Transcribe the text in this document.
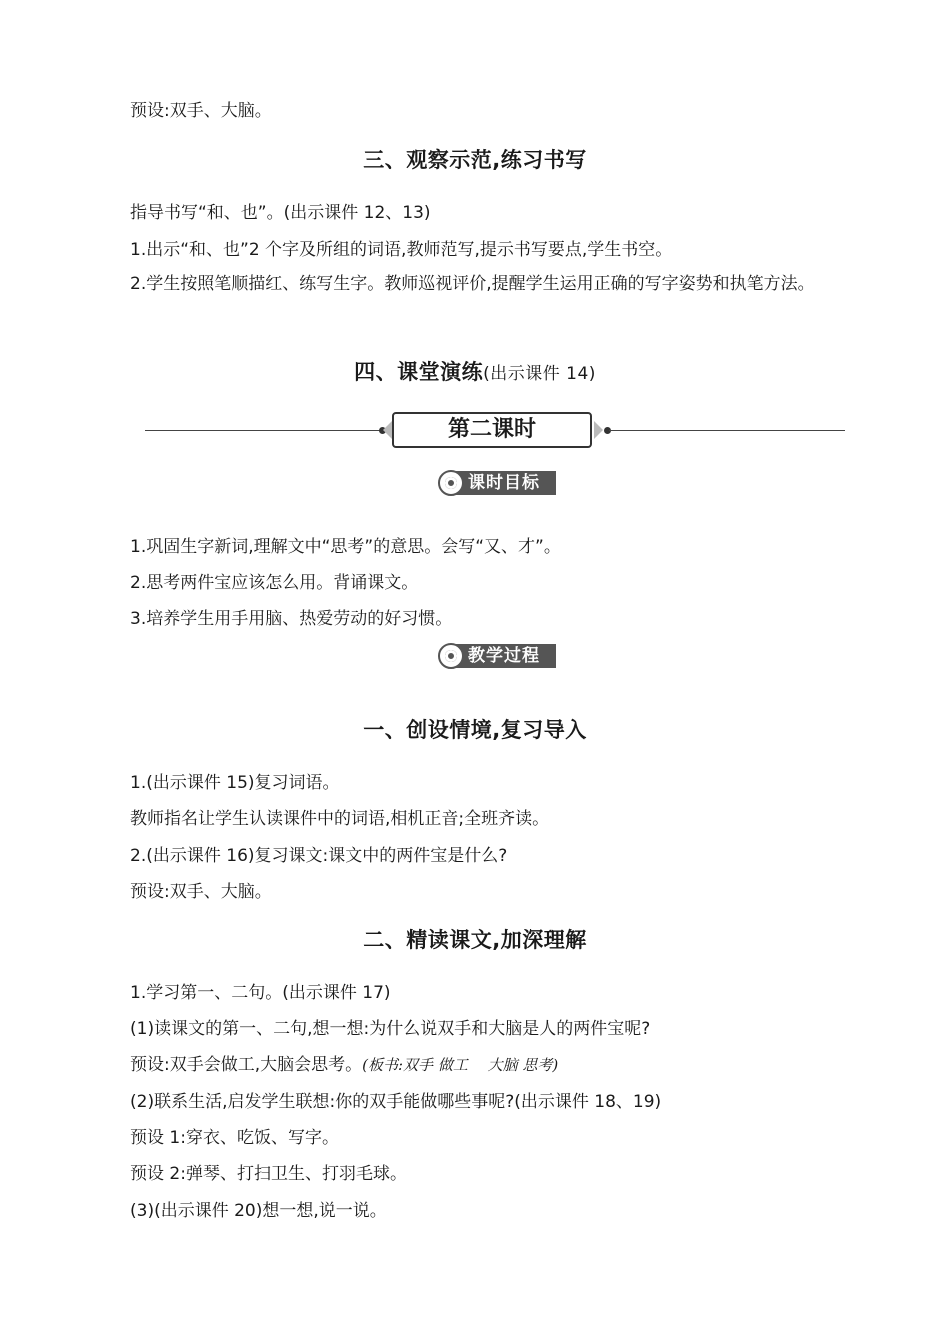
预设:双手、大脑。
三、观察示范,练习书写
指导书写“和、也”。(出示课件 12、13)
1.出示“和、也”2 个字及所组的词语,教师范写,提示书写要点,学生书空。
2.学生按照笔顺描红、练写生字。教师巡视评价,提醒学生运用正确的写字姿势和执笔方法。
四、课堂演练(出示课件 14)
第二课时
课时目标
1.巩固生字新词,理解文中“思考”的意思。会写“又、才”。
2.思考两件宝应该怎么用。背诵课文。
3.培养学生用手用脑、热爱劳动的好习惯。
教学过程
一、创设情境,复习导入
1.(出示课件 15)复习词语。
教师指名让学生认读课件中的词语,相机正音;全班齐读。
2.(出示课件 16)复习课文:课文中的两件宝是什么?
预设:双手、大脑。
二、精读课文,加深理解
1.学习第一、二句。(出示课件 17)
(1)读课文的第一、二句,想一想:为什么说双手和大脑是人的两件宝呢?
预设:双手会做工,大脑会思考。(板书:双手 做工　 大脑 思考)
(2)联系生活,启发学生联想:你的双手能做哪些事呢?(出示课件 18、19)
预设 1:穿衣、吃饭、写字。
预设 2:弹琴、打扫卫生、打羽毛球。
(3)(出示课件 20)想一想,说一说。
